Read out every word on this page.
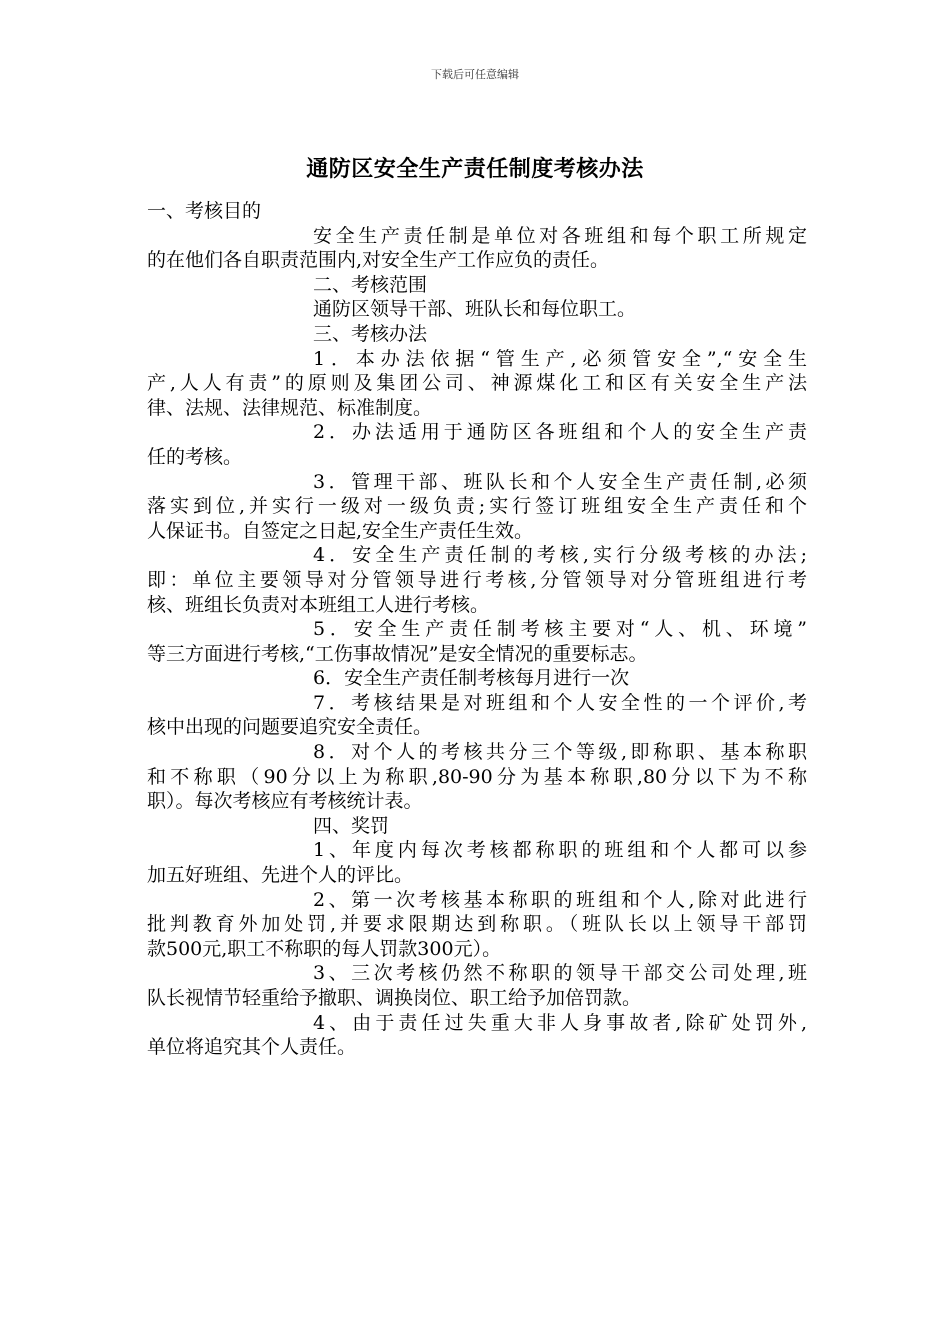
下载后可任意编辑
通防区安全生产责任制度考核办法
一、考核目的
安全生产责任制是单位对各班组和每个职工所规定
的在他们各自职责范围内,对安全生产工作应负的责任。
二、考核范围
通防区领导干部、班队长和每位职工。
三、考核办法
1．本办法依据“管生产,必须管安全”,“安全生
产,人人有责”的原则及集团公司、神源煤化工和区有关安全生产法
律、法规、法律规范、标准制度。
2．办法适用于通防区各班组和个人的安全生产责
任的考核。
3．管理干部、班队长和个人安全生产责任制,必须
落实到位,并实行一级对一级负责;实行签订班组安全生产责任和个
人保证书。自签定之日起,安全生产责任生效。
4．安全生产责任制的考核,实行分级考核的办法;
即：单位主要领导对分管领导进行考核,分管领导对分管班组进行考
核、班组长负责对本班组工人进行考核。
5．安全生产责任制考核主要对“人、机、环境”
等三方面进行考核,“工伤事故情况”是安全情况的重要标志。
6．安全生产责任制考核每月进行一次
7．考核结果是对班组和个人安全性的一个评价,考
核中出现的问题要追究安全责任。
8．对个人的考核共分三个等级,即称职、基本称职
和不称职（90分以上为称职,80-90分为基本称职,80分以下为不称
职）。每次考核应有考核统计表。
四、奖罚
1、年度内每次考核都称职的班组和个人都可以参
加五好班组、先进个人的评比。
2、第一次考核基本称职的班组和个人,除对此进行
批判教育外加处罚,并要求限期达到称职。（班队长以上领导干部罚
款500元,职工不称职的每人罚款300元）。
3、三次考核仍然不称职的领导干部交公司处理,班
队长视情节轻重给予撤职、调换岗位、职工给予加倍罚款。
4、由于责任过失重大非人身事故者,除矿处罚外,
单位将追究其个人责任。
